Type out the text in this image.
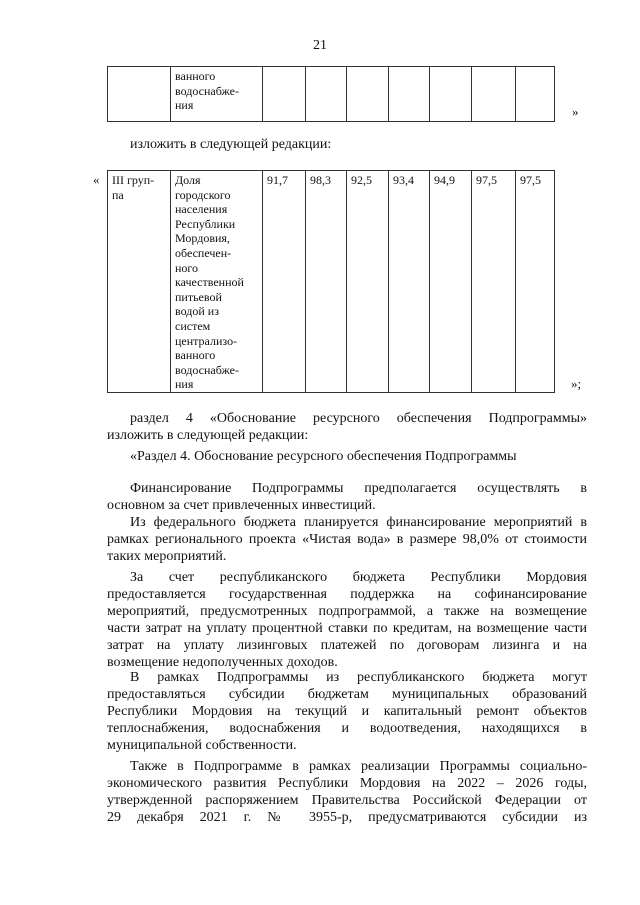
21
	ванного
водоснабже-
ния								»
изложить в следующей редакции:
« III груп-
па	Доля
городского
населения
Республики
Мордовия,
обеспечен-
ного
качественной
питьевой
водой из
систем
централизо-
ванного
водоснабже-
ния	91,7	98,3	92,5	93,4	94,9	97,5	97,5
»;
раздел 4 «Обоснование ресурсного обеспечения Подпрограммы»
изложить в следующей редакции:
«Раздел 4. Обоснование ресурсного обеспечения Подпрограммы
Финансирование Подпрограммы предполагается осуществлять в
основном за счет привлеченных инвестиций.
Из федерального бюджета планируется финансирование мероприятий в
рамках регионального проекта «Чистая вода» в размере 98,0% от стоимости
таких мероприятий.
За счет республиканского бюджета Республики Мордовия
предоставляется государственная поддержка на софинансирование
мероприятий, предусмотренных подпрограммой, а также на возмещение
части затрат на уплату процентной ставки по кредитам, на возмещение части
затрат на уплату лизинговых платежей по договорам лизинга и на
возмещение недополученных доходов.
В рамках Подпрограммы из республиканского бюджета могут
предоставляться субсидии бюджетам муниципальных образований
Республики Мордовия на текущий и капитальный ремонт объектов
теплоснабжения, водоснабжения и водоотведения, находящихся в
муниципальной собственности.
Также в Подпрограмме в рамках реализации Программы социально-
экономического развития Республики Мордовия на 2022 – 2026 годы,
утвержденной распоряжением Правительства Российской Федерации от
29 декабря 2021 г. № 3955-р, предусматриваются субсидии из
